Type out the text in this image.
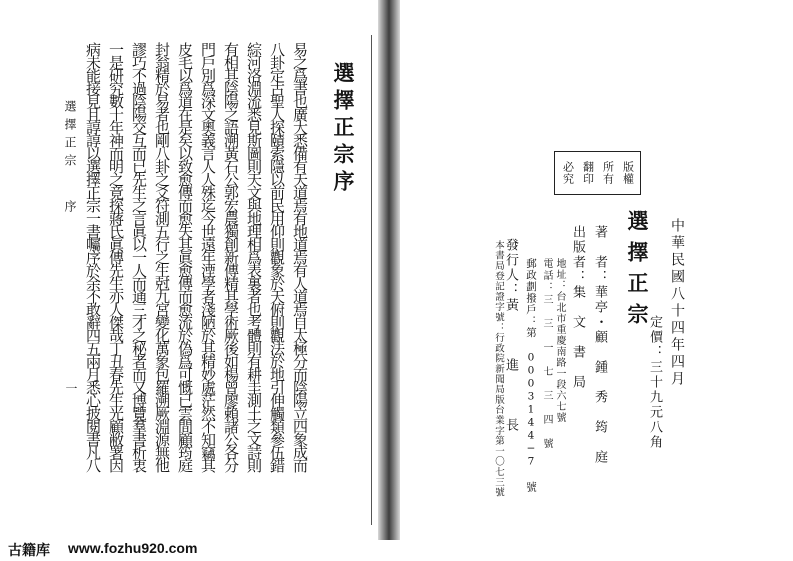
選擇正宗序
易之爲書也廣大悉備有天道焉有地道焉有人道焉自太極分而陰陽立四象成而
八卦定古聖人探賾索隱以前民用仰則觀象於天俯則觀法於地引伸觸類參伍錯
綜河洛淵流悉見斯圖則天文與地理相爲表裏者也考體則有耕圭測土之文詩則
有相其陰陽之語溯黃石公郭宏農獨創新傳精其學術厥後如楊曾廖賴諸公各分
門戶別爲深文奧義言人人殊迄今世遠年湮學者淺陋於其精妙處茫然不知竊其
皮毛以爲道在是矣以致愈傳而愈失其眞愈傳而愈流於偽爲可慨已雲間顧筠庭
封翁精於易者也剛八卦之爻符測五行之生尅九宮變化萬象包羅溯厥淵源無他
謬巧不過陰陽交互而已先生之言眞以一人而通三才之秘者而又博覽羣書析衷
一是研究數十年神而明之竟探蔣氏眞傳先生亦人傑哉丁丑春先生光顧敝署因
病未能接見且諄諄以選擇正宗一書囑序於余不敢辭四五兩月悉心披閱書凡八
選擇正宗序
一
版權
所有
翻印
必究
中華民國八十四年四月
選擇正宗
定價：三十九元八角
著　者：華亭・顧　鍾　秀　筠　庭
出版者：集　文　書　局
地址：台北市重慶南路一段六七號
電話：三　三　一　七　三　四　號
郵政劃撥戶：第 0003144−7 號
發行人：黃　　　進　　　長
本書局登記證字號：行政院新聞局版台業字第一〇七三號
古籍库 www.fozhu920.com
